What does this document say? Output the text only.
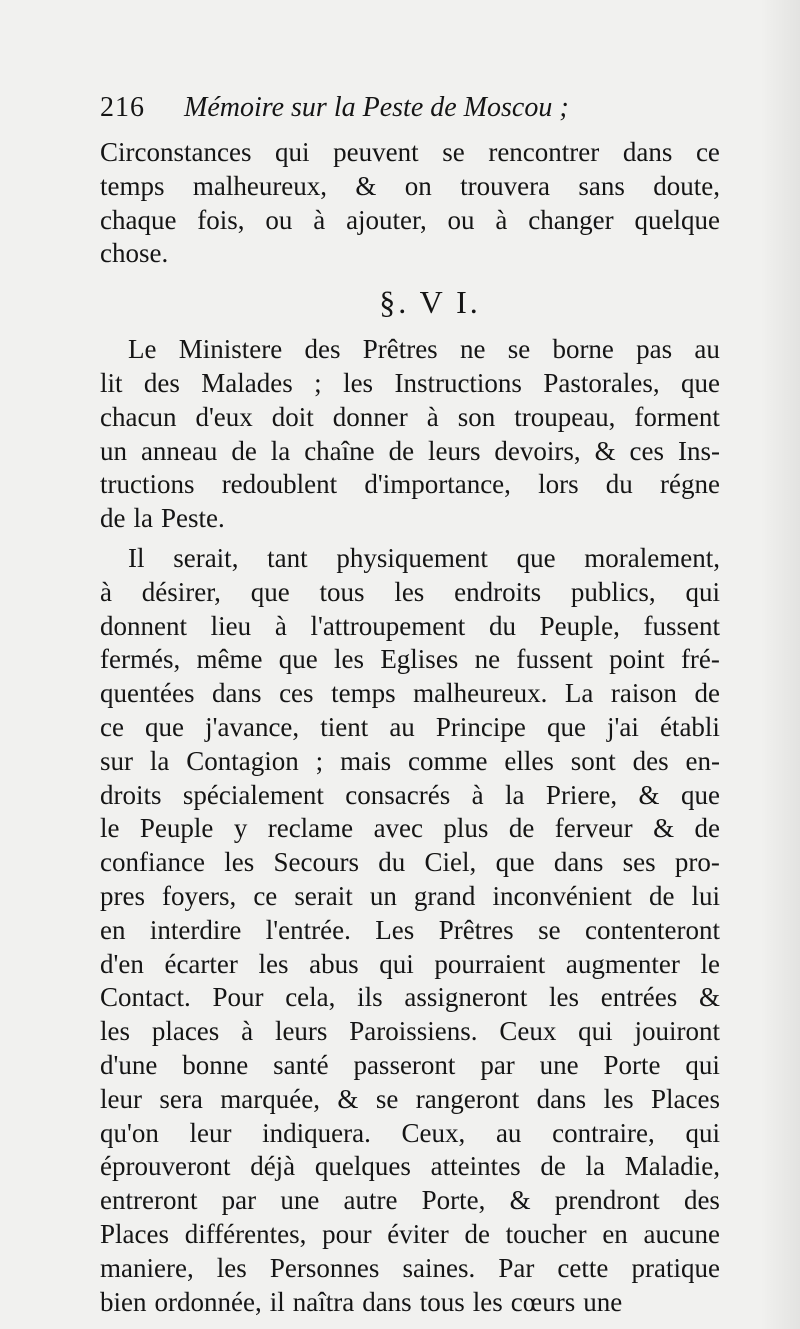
216	Mémoire sur la Peste de Moscou ;
Circonstances qui peuvent se rencontrer dans ce
temps malheureux, & on trouvera sans doute,
chaque fois, ou à ajouter, ou à changer quelque
chose.
§. V I.
Le Ministere des Prêtres ne se borne pas au
lit des Malades ; les Instructions Pastorales, que
chacun d'eux doit donner à son troupeau, forment
un anneau de la chaîne de leurs devoirs, & ces Ins-
tructions redoublent d'importance, lors du régne
de la Peste.
Il serait, tant physiquement que moralement,
à désirer, que tous les endroits publics, qui
donnent lieu à l'attroupement du Peuple, fussent
fermés, même que les Eglises ne fussent point fré-
quentées dans ces temps malheureux. La raison de
ce que j'avance, tient au Principe que j'ai établi
sur la Contagion ; mais comme elles sont des en-
droits spécialement consacrés à la Priere, & que
le Peuple y reclame avec plus de ferveur & de
confiance les Secours du Ciel, que dans ses pro-
pres foyers, ce serait un grand inconvénient de lui
en interdire l'entrée. Les Prêtres se contenteront
d'en écarter les abus qui pourraient augmenter le
Contact. Pour cela, ils assigneront les entrées &
les places à leurs Paroissiens. Ceux qui jouiront
d'une bonne santé passeront par une Porte qui
leur sera marquée, & se rangeront dans les Places
qu'on leur indiquera. Ceux, au contraire, qui
éprouveront déjà quelques atteintes de la Maladie,
entreront par une autre Porte, & prendront des
Places différentes, pour éviter de toucher en aucune
maniere, les Personnes saines. Par cette pratique
bien ordonnée, il naîtra dans tous les cœurs une
